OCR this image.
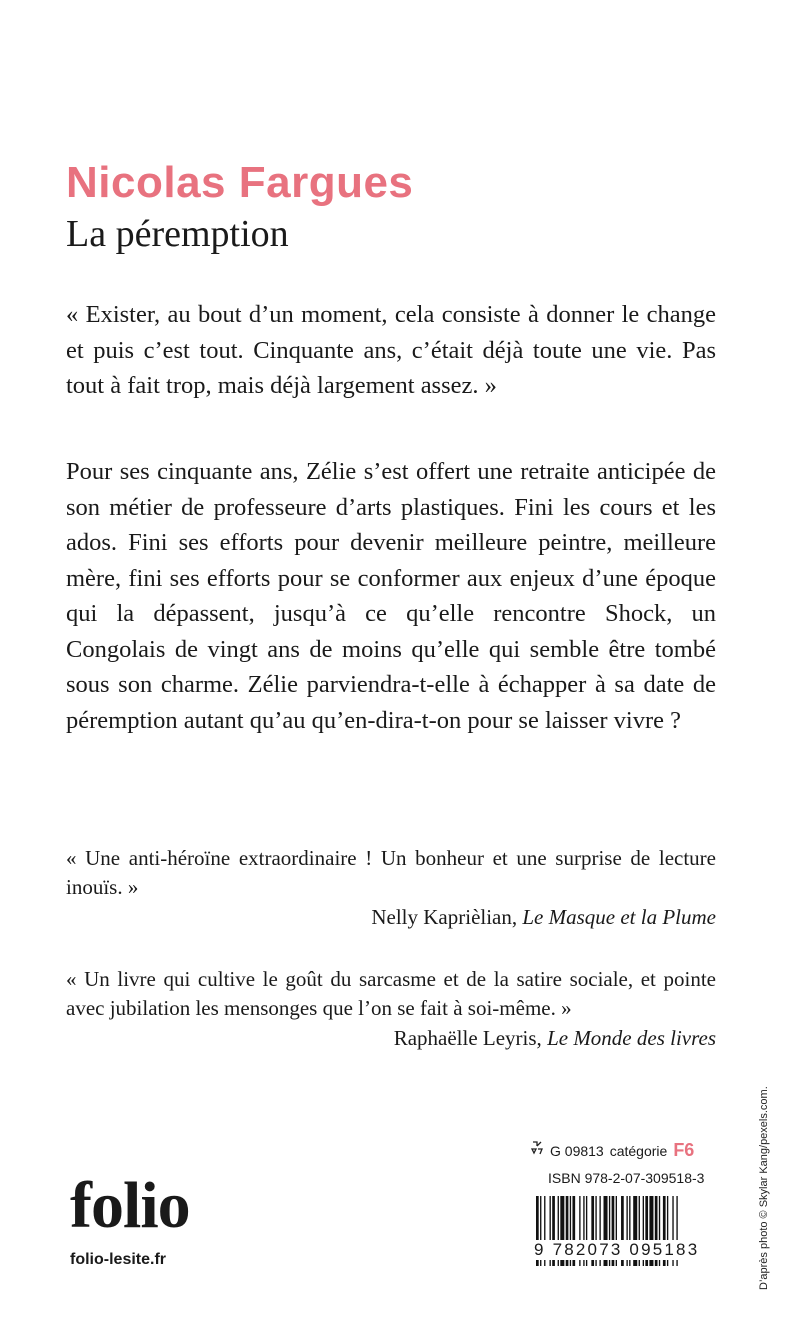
Nicolas Fargues
La péremption

« Exister, au bout d’un moment, cela consiste à donner le change et puis c’est tout. Cinquante ans, c’était déjà toute une vie. Pas tout à fait trop, mais déjà largement assez. »

Pour ses cinquante ans, Zélie s’est offert une retraite anticipée de son métier de professeure d’arts plastiques. Fini les cours et les ados. Fini ses efforts pour devenir meilleure peintre, meilleure mère, fini ses efforts pour se conformer aux enjeux d’une époque qui la dépassent, jusqu’à ce qu’elle rencontre Shock, un Congolais de vingt ans de moins qu’elle qui semble être tombé sous son charme. Zélie parviendra-t-elle à échapper à sa date de péremption autant qu’au qu’en-dira-t-on pour se laisser vivre ?

« Une anti-héroïne extraordinaire ! Un bonheur et une surprise de lecture inouïs. »

Nelly Kaprièlian, Le Masque et la Plume

« Un livre qui cultive le goût du sarcasme et de la satire sociale, et pointe avec jubilation les mensonges que l’on se fait à soi-même. »

Raphaëlle Leyris, Le Monde des livres

folio
folio-lesite.fr
G 09813 catégorie F6
ISBN 978-2-07-309518-3
9 782073 095183	D’après photo © Skylar Kang/pexels.com.
